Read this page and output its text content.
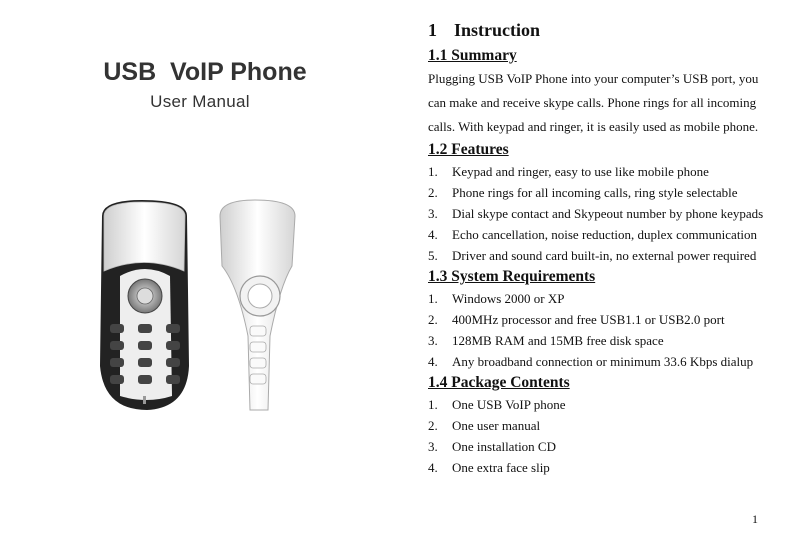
USB  VoIP Phone
User Manual
1 Instruction
1.1 Summary

Plugging USB VoIP Phone into your computer’s USB port, you

can make and receive skype calls. Phone rings for all incoming

calls. With keypad and ringer, it is easily used as mobile phone.

1.2 Features
1.	Keypad and ringer, easy to use like mobile phone
2.	Phone rings for all incoming calls, ring style selectable
3.	Dial skype contact and Skypeout number by phone keypads
4.	Echo cancellation, noise reduction, duplex communication
5.	Driver and sound card built-in, no external power required
1.3 System Requirements
1.	Windows 2000 or XP
2.	400MHz processor and free USB1.1 or USB2.0 port
3.	128MB RAM and 15MB free disk space
4.	Any broadband connection or minimum 33.6 Kbps dialup
1.4 Package Contents
1.	One USB VoIP phone
2.	One user manual
3.	One installation CD
4.	One extra face slip
1
